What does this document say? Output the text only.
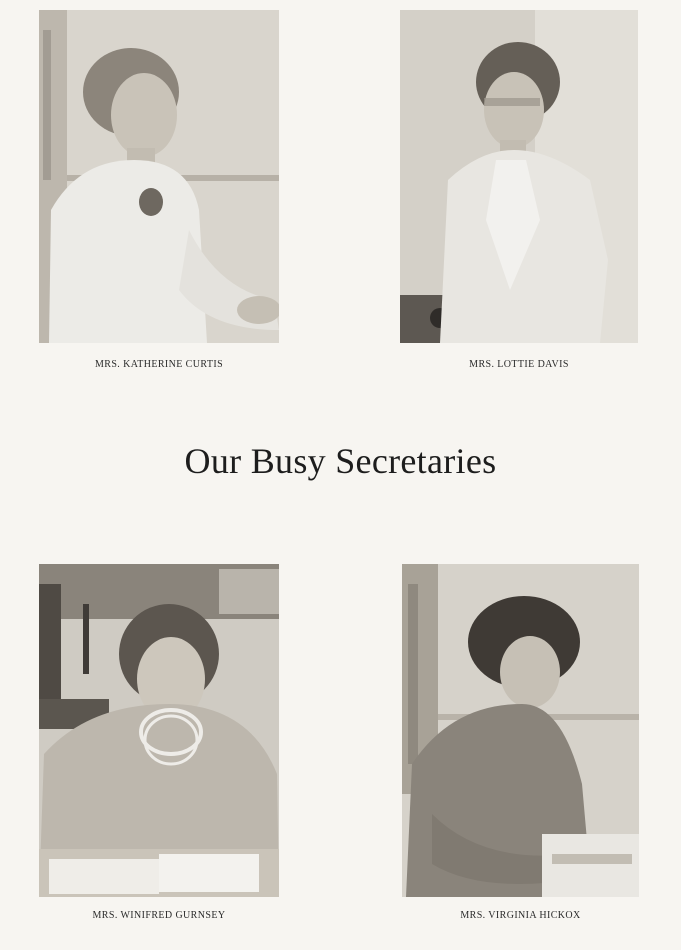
MRS. KATHERINE CURTIS	MRS. LOTTIE DAVIS
Our Busy Secretaries
MRS. WINIFRED GURNSEY	MRS. VIRGINIA HICKOX
